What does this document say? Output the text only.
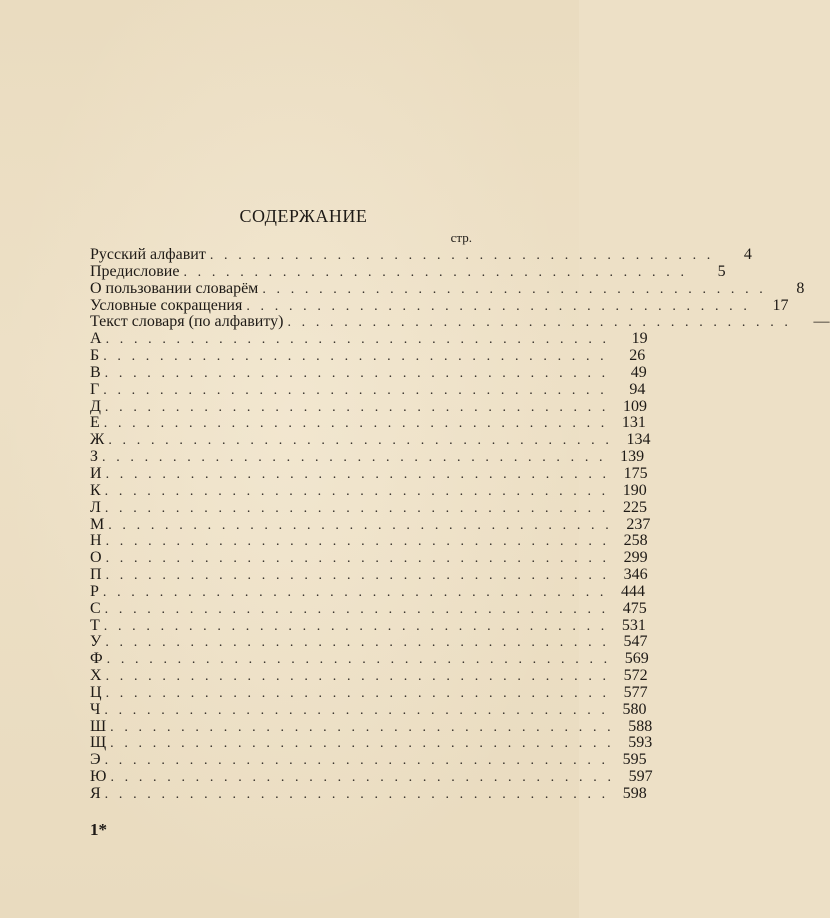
СОДЕРЖАНИЕ
стр.
Русский алфавит . . . . . . . . . . . . . . . . . . . . . . . . . . . . . . . . . . . .	4
Предисловие . . . . . . . . . . . . . . . . . . . . . . . . . . . . . . . . . . . .	5
О пользовании словарём . . . . . . . . . . . . . . . . . . . . . . . . . . . . . . . . . . . .	8
Условные сокращения . . . . . . . . . . . . . . . . . . . . . . . . . . . . . . . . . . . .	17
Текст словаря (по алфавиту) . . . . . . . . . . . . . . . . . . . . . . . . . . . . . . . . . . . .	—
А . . . . . . . . . . . . . . . . . . . . . . . . . . . . . . . . . . . .	19
Б . . . . . . . . . . . . . . . . . . . . . . . . . . . . . . . . . . . .	26
В . . . . . . . . . . . . . . . . . . . . . . . . . . . . . . . . . . . .	49
Г . . . . . . . . . . . . . . . . . . . . . . . . . . . . . . . . . . . .	94
Д . . . . . . . . . . . . . . . . . . . . . . . . . . . . . . . . . . . . 109
Е . . . . . . . . . . . . . . . . . . . . . . . . . . . . . . . . . . . . 131
Ж . . . . . . . . . . . . . . . . . . . . . . . . . . . . . . . . . . . . 134
З . . . . . . . . . . . . . . . . . . . . . . . . . . . . . . . . . . . . 139
И . . . . . . . . . . . . . . . . . . . . . . . . . . . . . . . . . . . . 175
К . . . . . . . . . . . . . . . . . . . . . . . . . . . . . . . . . . . . 190
Л . . . . . . . . . . . . . . . . . . . . . . . . . . . . . . . . . . . . 225
М . . . . . . . . . . . . . . . . . . . . . . . . . . . . . . . . . . . . 237
Н . . . . . . . . . . . . . . . . . . . . . . . . . . . . . . . . . . . . 258
О . . . . . . . . . . . . . . . . . . . . . . . . . . . . . . . . . . . . 299
П . . . . . . . . . . . . . . . . . . . . . . . . . . . . . . . . . . . . 346
Р . . . . . . . . . . . . . . . . . . . . . . . . . . . . . . . . . . . . 444
С . . . . . . . . . . . . . . . . . . . . . . . . . . . . . . . . . . . . 475
Т . . . . . . . . . . . . . . . . . . . . . . . . . . . . . . . . . . . . 531
У . . . . . . . . . . . . . . . . . . . . . . . . . . . . . . . . . . . . 547
Ф . . . . . . . . . . . . . . . . . . . . . . . . . . . . . . . . . . . . 569
Х . . . . . . . . . . . . . . . . . . . . . . . . . . . . . . . . . . . . 572
Ц . . . . . . . . . . . . . . . . . . . . . . . . . . . . . . . . . . . . 577
Ч . . . . . . . . . . . . . . . . . . . . . . . . . . . . . . . . . . . . 580
Ш . . . . . . . . . . . . . . . . . . . . . . . . . . . . . . . . . . . . 588
Щ . . . . . . . . . . . . . . . . . . . . . . . . . . . . . . . . . . . . 593
Э . . . . . . . . . . . . . . . . . . . . . . . . . . . . . . . . . . . . 595
Ю . . . . . . . . . . . . . . . . . . . . . . . . . . . . . . . . . . . . 597
Я . . . . . . . . . . . . . . . . . . . . . . . . . . . . . . . . . . . . 598
1*
